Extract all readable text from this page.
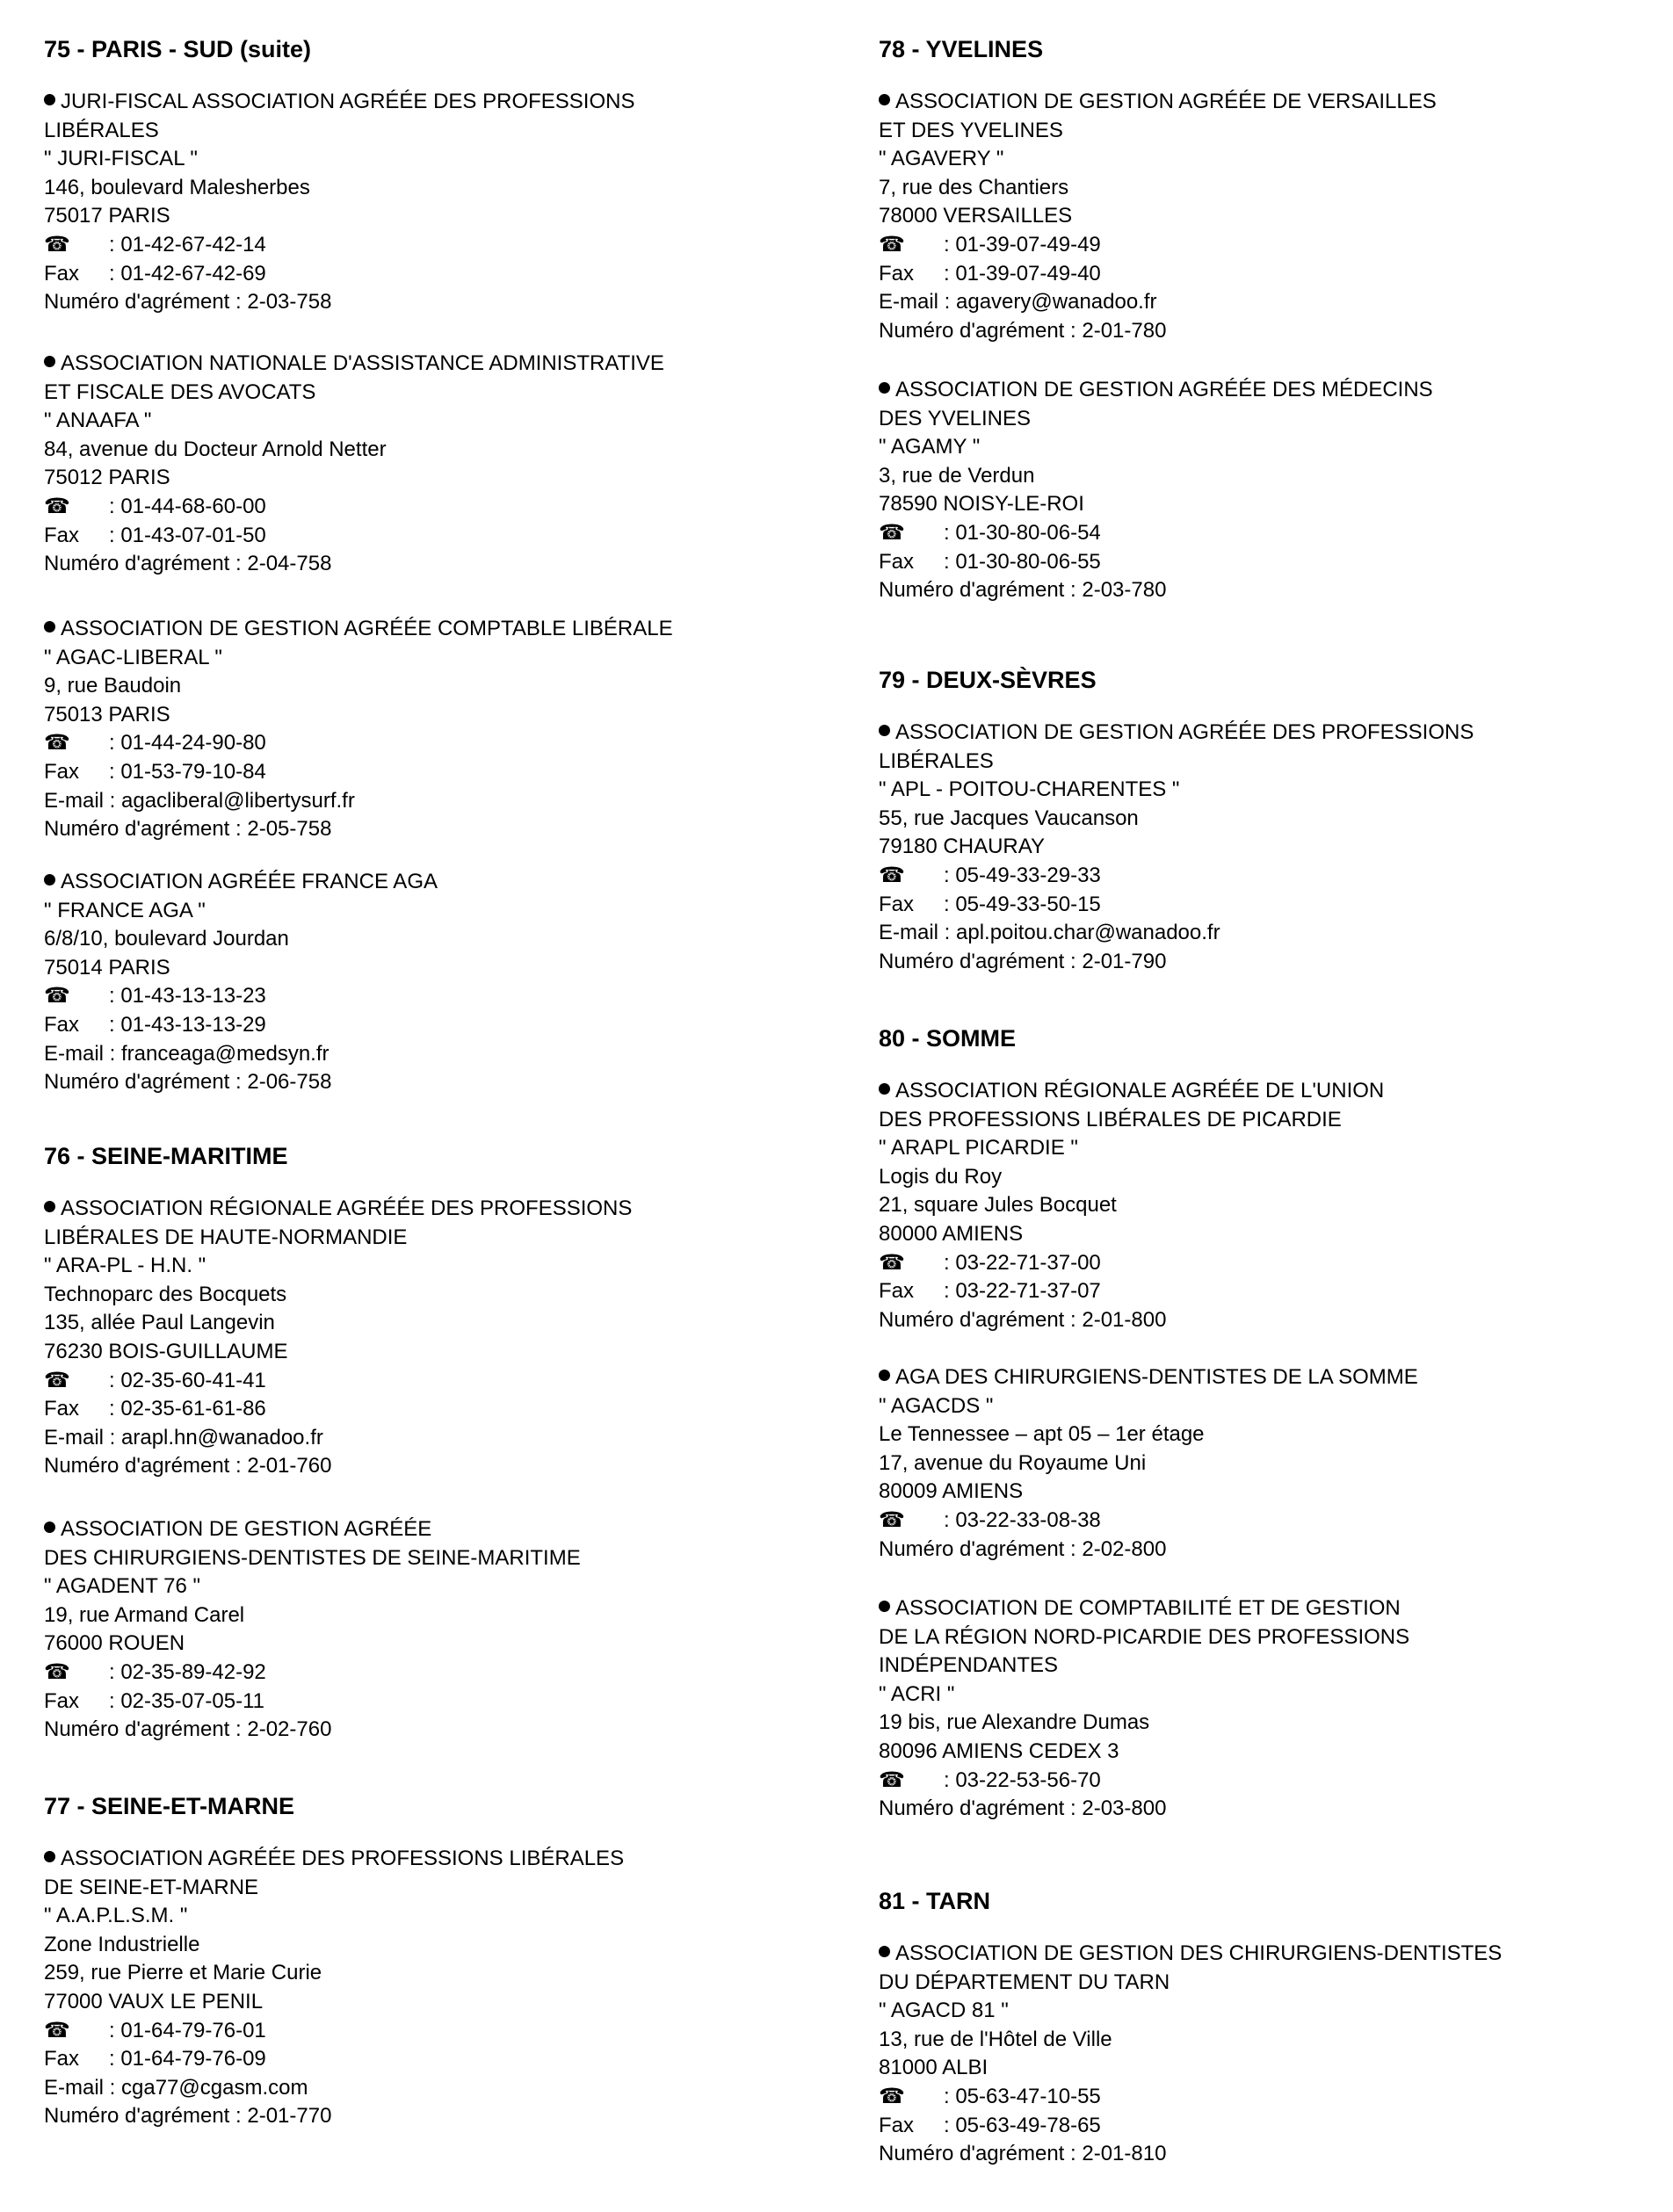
75 - PARIS - SUD (suite)
JURI-FISCAL ASSOCIATION AGRÉÉE DES PROFESSIONS
LIBÉRALES
" JURI-FISCAL "
146, boulevard Malesherbes
75017 PARIS
☎ : 01-42-67-42-14
Fax : 01-42-67-42-69
Numéro d'agrément : 2-03-758
ASSOCIATION NATIONALE D'ASSISTANCE ADMINISTRATIVE
ET FISCALE DES AVOCATS
" ANAAFA "
84, avenue du Docteur Arnold Netter
75012 PARIS
☎ : 01-44-68-60-00
Fax : 01-43-07-01-50
Numéro d'agrément : 2-04-758
ASSOCIATION DE GESTION AGRÉÉE COMPTABLE LIBÉRALE
" AGAC-LIBERAL "
9, rue Baudoin
75013 PARIS
☎ : 01-44-24-90-80
Fax : 01-53-79-10-84
E-mail : agacliberal@libertysurf.fr
Numéro d'agrément : 2-05-758
ASSOCIATION AGRÉÉE FRANCE AGA
" FRANCE AGA "
6/8/10, boulevard Jourdan
75014 PARIS
☎ : 01-43-13-13-23
Fax : 01-43-13-13-29
E-mail : franceaga@medsyn.fr
Numéro d'agrément : 2-06-758
76 - SEINE-MARITIME
ASSOCIATION RÉGIONALE AGRÉÉE DES PROFESSIONS
LIBÉRALES DE HAUTE-NORMANDIE
" ARA-PL - H.N. "
Technoparc des Bocquets
135, allée Paul Langevin
76230 BOIS-GUILLAUME
☎ : 02-35-60-41-41
Fax : 02-35-61-61-86
E-mail : arapl.hn@wanadoo.fr
Numéro d'agrément : 2-01-760
ASSOCIATION DE GESTION AGRÉÉE
DES CHIRURGIENS-DENTISTES DE SEINE-MARITIME
" AGADENT 76 "
19, rue Armand Carel
76000 ROUEN
☎ : 02-35-89-42-92
Fax : 02-35-07-05-11
Numéro d'agrément : 2-02-760
77 - SEINE-ET-MARNE
ASSOCIATION AGRÉÉE DES PROFESSIONS LIBÉRALES
DE SEINE-ET-MARNE
" A.A.P.L.S.M. "
Zone Industrielle
259, rue Pierre et Marie Curie
77000 VAUX LE PENIL
☎ : 01-64-79-76-01
Fax : 01-64-79-76-09
E-mail : cga77@cgasm.com
Numéro d'agrément : 2-01-770
78 - YVELINES
ASSOCIATION DE GESTION AGRÉÉE DE VERSAILLES
ET DES YVELINES
" AGAVERY "
7, rue des Chantiers
78000 VERSAILLES
☎ : 01-39-07-49-49
Fax : 01-39-07-49-40
E-mail : agavery@wanadoo.fr
Numéro d'agrément : 2-01-780
ASSOCIATION DE GESTION AGRÉÉE DES MÉDECINS
DES YVELINES
" AGAMY "
3, rue de Verdun
78590 NOISY-LE-ROI
☎ : 01-30-80-06-54
Fax : 01-30-80-06-55
Numéro d'agrément : 2-03-780
79 - DEUX-SÈVRES
ASSOCIATION DE GESTION AGRÉÉE DES PROFESSIONS
LIBÉRALES
" APL - POITOU-CHARENTES "
55, rue Jacques Vaucanson
79180 CHAURAY
☎ : 05-49-33-29-33
Fax : 05-49-33-50-15
E-mail : apl.poitou.char@wanadoo.fr
Numéro d'agrément : 2-01-790
80 - SOMME
ASSOCIATION RÉGIONALE AGRÉÉE DE L'UNION
DES PROFESSIONS LIBÉRALES DE PICARDIE
" ARAPL PICARDIE "
Logis du Roy
21, square Jules Bocquet
80000 AMIENS
☎ : 03-22-71-37-00
Fax : 03-22-71-37-07
Numéro d'agrément : 2-01-800
AGA DES CHIRURGIENS-DENTISTES DE LA SOMME
" AGACDS "
Le Tennessee – apt 05 – 1er étage
17, avenue du Royaume Uni
80009 AMIENS
☎ : 03-22-33-08-38
Numéro d'agrément : 2-02-800
ASSOCIATION DE COMPTABILITÉ ET DE GESTION
DE LA RÉGION NORD-PICARDIE DES PROFESSIONS
INDÉPENDANTES
" ACRI "
19 bis, rue Alexandre Dumas
80096 AMIENS CEDEX 3
☎ : 03-22-53-56-70
Numéro d'agrément : 2-03-800
81 - TARN
ASSOCIATION DE GESTION DES CHIRURGIENS-DENTISTES
DU DÉPARTEMENT DU TARN
" AGACD 81 "
13, rue de l'Hôtel de Ville
81000 ALBI
☎ : 05-63-47-10-55
Fax : 05-63-49-78-65
Numéro d'agrément : 2-01-810
